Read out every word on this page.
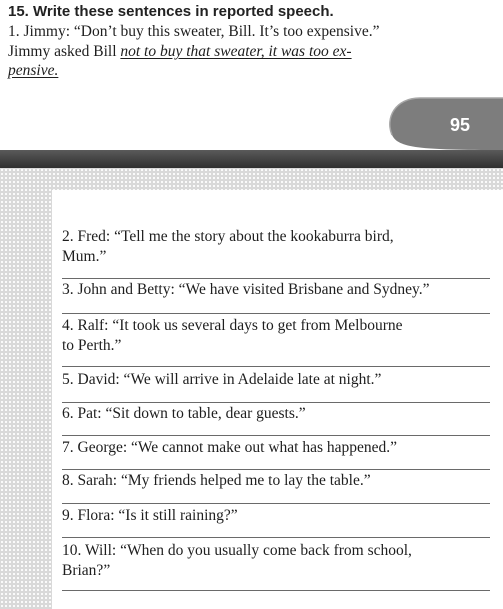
15. Write these sentences in reported speech.

1. Jimmy: “Don’t buy this sweater, Bill. It’s too expensive.”
Jimmy asked Bill not to buy that sweater, it was too ex-
pensive.
95
2. Fred: “Tell me the story about the kookaburra bird,
Mum.”
3. John and Betty: “We have visited Brisbane and Sydney.”
4. Ralf: “It took us several days to get from Melbourne
to Perth.”
5. David: “We will arrive in Adelaide late at night.”
6. Pat: “Sit down to table, dear guests.”
7. George: “We cannot make out what has happened.”
8. Sarah: “My friends helped me to lay the table.”
9. Flora: “Is it still raining?”
10. Will: “When do you usually come back from school,
Brian?”
